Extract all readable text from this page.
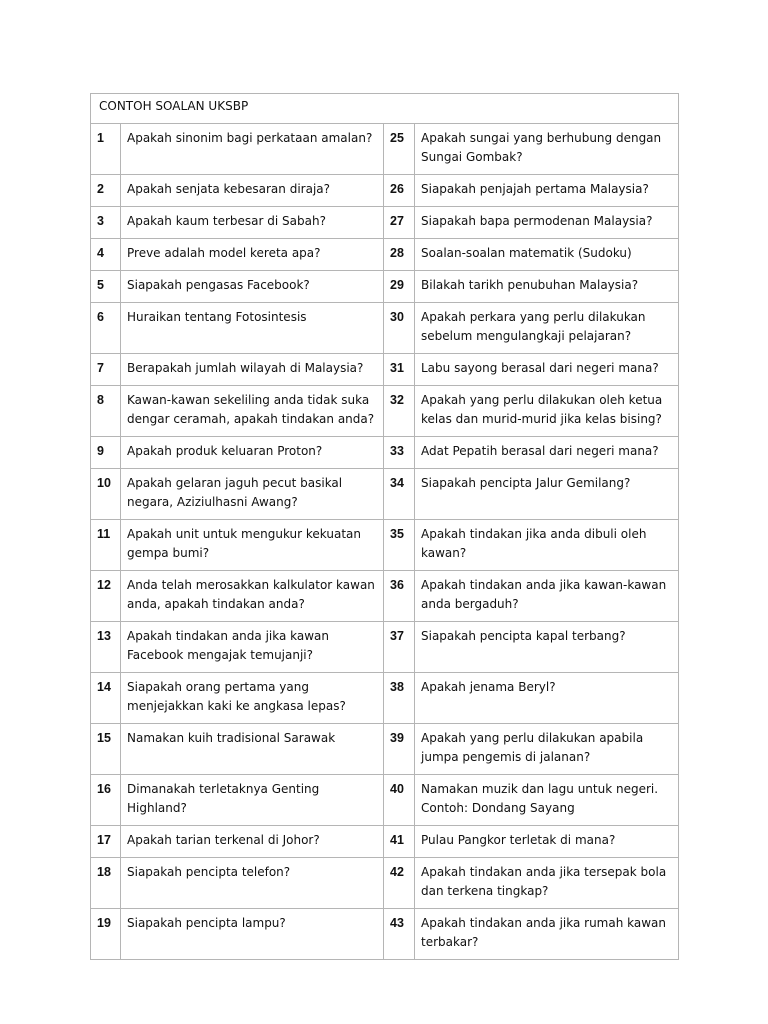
CONTOH SOALAN UKSBP			
1	Apakah sinonim bagi perkataan amalan?	25	Apakah sungai yang berhubung dengan Sungai Gombak?
2	Apakah senjata kebesaran diraja?	26	Siapakah penjajah pertama Malaysia?
3	Apakah kaum terbesar di Sabah?	27	Siapakah bapa permodenan Malaysia?
4	Preve adalah model kereta apa?	28	Soalan-soalan matematik (Sudoku)
5	Siapakah pengasas Facebook?	29	Bilakah tarikh penubuhan Malaysia?
6	Huraikan tentang Fotosintesis	30	Apakah perkara yang perlu dilakukan sebelum mengulangkaji pelajaran?
7	Berapakah jumlah wilayah di Malaysia?	31	Labu sayong berasal dari negeri mana?
8	Kawan-kawan sekeliling anda tidak suka dengar ceramah, apakah tindakan anda?	32	Apakah yang perlu dilakukan oleh ketua kelas dan murid-murid jika kelas bising?
9	Apakah produk keluaran Proton?	33	Adat Pepatih berasal dari negeri mana?
10	Apakah gelaran jaguh pecut basikal negara, Aziziulhasni Awang?	34	Siapakah pencipta Jalur Gemilang?
11	Apakah unit untuk mengukur kekuatan gempa bumi?	35	Apakah tindakan jika anda dibuli oleh kawan?
12	Anda telah merosakkan kalkulator kawan anda, apakah tindakan anda?	36	Apakah tindakan anda jika kawan-kawan anda bergaduh?
13	Apakah tindakan anda jika kawan Facebook mengajak temujanji?	37	Siapakah pencipta kapal terbang?
14	Siapakah orang pertama yang menjejakkan kaki ke angkasa lepas?	38	Apakah jenama Beryl?
15	Namakan kuih tradisional Sarawak	39	Apakah yang perlu dilakukan apabila jumpa pengemis di jalanan?
16	Dimanakah terletaknya Genting Highland?	40	Namakan muzik dan lagu untuk negeri. Contoh: Dondang Sayang
17	Apakah tarian terkenal di Johor?	41	Pulau Pangkor terletak di mana?
18	Siapakah pencipta telefon?	42	Apakah tindakan anda jika tersepak bola dan terkena tingkap?
19	Siapakah pencipta lampu?	43	Apakah tindakan anda jika rumah kawan terbakar?
